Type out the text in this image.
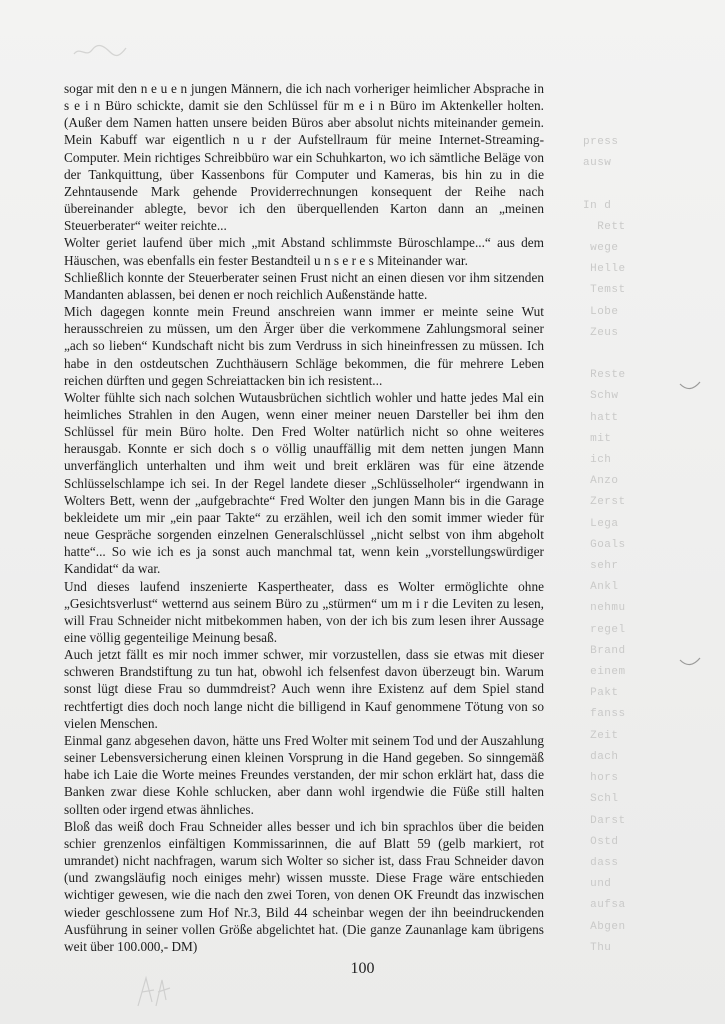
press
ausw

In d
Rett
wege
Helle
Temst
Lobe
Zeus

Reste
Schw
hatt
mit
ich
Anzo
Zerst
Lega
Goals
sehr
Ankl
nehmu
regel
Brand
einem
Pakt
fanss
Zeit
dach
hors
Schl
Darst
Ostd
dass
und
aufsa
Abgen
Thu

sogar mit den n e u e n jungen Männern, die ich nach vorheriger heimlicher Absprache in s e i n Büro schickte, damit sie den Schlüssel für m e i n Büro im Aktenkeller holten. (Außer dem Namen hatten unsere beiden Büros aber absolut nichts miteinander gemein. Mein Kabuff war eigentlich n u r der Aufstellraum für meine Internet-Streaming-Computer. Mein richtiges Schreibbüro war ein Schuhkarton, wo ich sämtliche Beläge von der Tankquittung, über Kassenbons für Computer und Kameras, bis hin zu in die Zehntausende Mark gehende Providerrechnungen konsequent der Reihe nach übereinander ablegte, bevor ich den überquellenden Karton dann an „meinen Steuerberater“ weiter reichte...

Wolter geriet laufend über mich „mit Abstand schlimmste Büroschlampe...“ aus dem Häuschen, was ebenfalls ein fester Bestandteil u n s e r e s Miteinander war.

Schließlich konnte der Steuerberater seinen Frust nicht an einen diesen vor ihm sitzenden Mandanten ablassen, bei denen er noch reichlich Außenstände hatte.

Mich dagegen konnte mein Freund anschreien wann immer er meinte seine Wut herausschreien zu müssen, um den Ärger über die verkommene Zahlungsmoral seiner „ach so lieben“ Kundschaft nicht bis zum Verdruss in sich hineinfressen zu müssen. Ich habe in den ostdeutschen Zuchthäusern Schläge bekommen, die für mehrere Leben reichen dürften und gegen Schreiattacken bin ich resistent...

Wolter fühlte sich nach solchen Wutausbrüchen sichtlich wohler und hatte jedes Mal ein heimliches Strahlen in den Augen, wenn einer meiner neuen Darsteller bei ihm den Schlüssel für mein Büro holte. Den Fred Wolter natürlich nicht so ohne weiteres herausgab. Konnte er sich doch s o völlig unauffällig mit dem netten jungen Mann unverfänglich unterhalten und ihm weit und breit erklären was für eine ätzende Schlüsselschlampe ich sei. In der Regel landete dieser „Schlüsselholer“ irgendwann in Wolters Bett, wenn der „aufgebrachte“ Fred Wolter den jungen Mann bis in die Garage bekleidete um mir „ein paar Takte“ zu erzählen, weil ich den somit immer wieder für neue Gespräche sorgenden einzelnen Generalschlüssel „nicht selbst von ihm abgeholt hatte“... So wie ich es ja sonst auch manchmal tat, wenn kein „vorstellungswürdiger Kandidat“ da war.

Und dieses laufend inszenierte Kaspertheater, dass es Wolter ermöglichte ohne „Gesichtsverlust“ wetternd aus seinem Büro zu „stürmen“ um m i r die Leviten zu lesen, will Frau Schneider nicht mitbekommen haben, von der ich bis zum lesen ihrer Aussage eine völlig gegenteilige Meinung besaß.

Auch jetzt fällt es mir noch immer schwer, mir vorzustellen, dass sie etwas mit dieser schweren Brandstiftung zu tun hat, obwohl ich felsenfest davon überzeugt bin. Warum sonst lügt diese Frau so dummdreist? Auch wenn ihre Existenz auf dem Spiel stand rechtfertigt dies doch noch lange nicht die billigend in Kauf genommene Tötung von so vielen Menschen.

Einmal ganz abgesehen davon, hätte uns Fred Wolter mit seinem Tod und der Auszahlung seiner Lebensversicherung einen kleinen Vorsprung in die Hand gegeben. So sinngemäß habe ich Laie die Worte meines Freundes verstanden, der mir schon erklärt hat, dass die Banken zwar diese Kohle schlucken, aber dann wohl irgendwie die Füße still halten sollten oder irgend etwas ähnliches.

Bloß das weiß doch Frau Schneider alles besser und ich bin sprachlos über die beiden schier grenzenlos einfältigen Kommissarinnen, die auf Blatt 59 (gelb markiert, rot umrandet) nicht nachfragen, warum sich Wolter so sicher ist, dass Frau Schneider davon (und zwangsläufig noch einiges mehr) wissen musste. Diese Frage wäre entschieden wichtiger gewesen, wie die nach den zwei Toren, von denen OK Freundt das inzwischen wieder geschlossene zum Hof Nr.3, Bild 44 scheinbar wegen der ihn beeindruckenden Ausführung in seiner vollen Größe abgelichtet hat. (Die ganze Zaunanlage kam übrigens weit über 100.000,- DM)

100
